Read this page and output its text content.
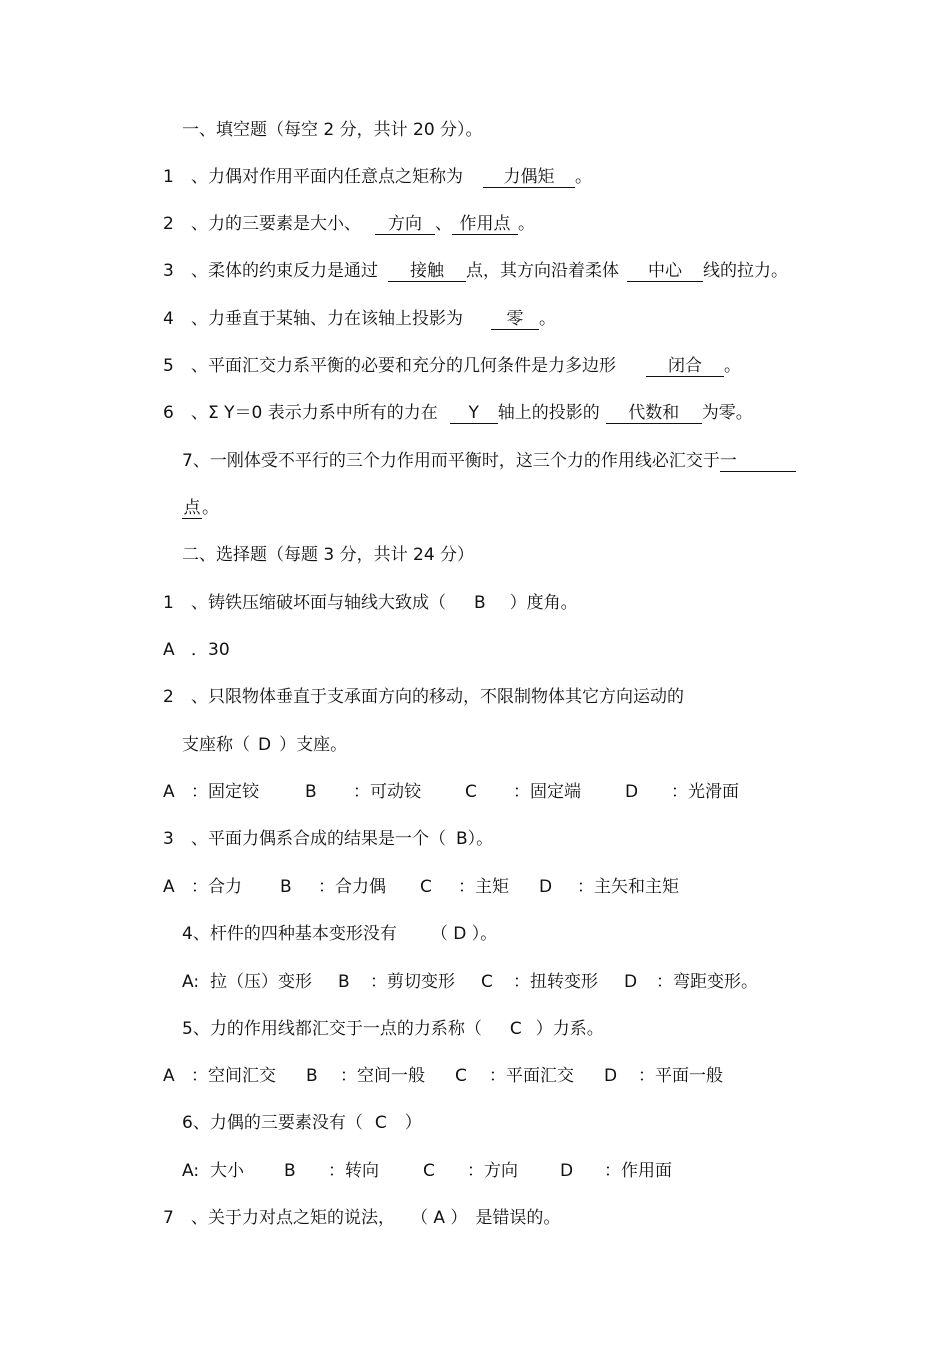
一、填空题（每空 2 分，共计 20 分）。
1 、力偶对作用平面内任意点之矩称为 力偶矩 。
2 、力的三要素是大小、 方向 、 作用点 。
3 、柔体的约束反力是通过 接触 点，其方向沿着柔体 中心 线的拉力。
4 、力垂直于某轴、力在该轴上投影为	零 。
5 、平面汇交力系平衡的必要和充分的几何条件是力多边形	闭合 。
6 、Σ Y＝0 表示力系中所有的力在 Y 轴上的投影的 代数和 为零。
7、一刚体受不平行的三个力作用而平衡时，这三个力的作用线必汇交于一
点。
二、选择题（每题 3 分，共计 24 分）
1 、铸铁压缩破坏面与轴线大致成（ B ）度角。
A ．30
2 、只限物体垂直于支承面方向的移动，不限制物体其它方向运动的
支座称（ D ）支座。
A ：固定铰	B ：可动铰	C ：固定端	D ：光滑面
3 、平面力偶系合成的结果是一个（ B）。
A ：合力 B ：合力偶 C ：主矩 D ：主矢和主矩
4、杆件的四种基本变形没有 （ D ）。
A: 拉（压）变形 B ：剪切变形 C ：扭转变形 D ：弯距变形。
5、力的作用线都汇交于一点的力系称（ C ）力系。
A ：空间汇交 B ：空间一般 C ：平面汇交 D ：平面一般
6、力偶的三要素没有（ C ）
A: 大小 B ：转向	C ：方向 D ：作用面
7 、关于力对点之矩的说法， （ A ） 是错误的。
